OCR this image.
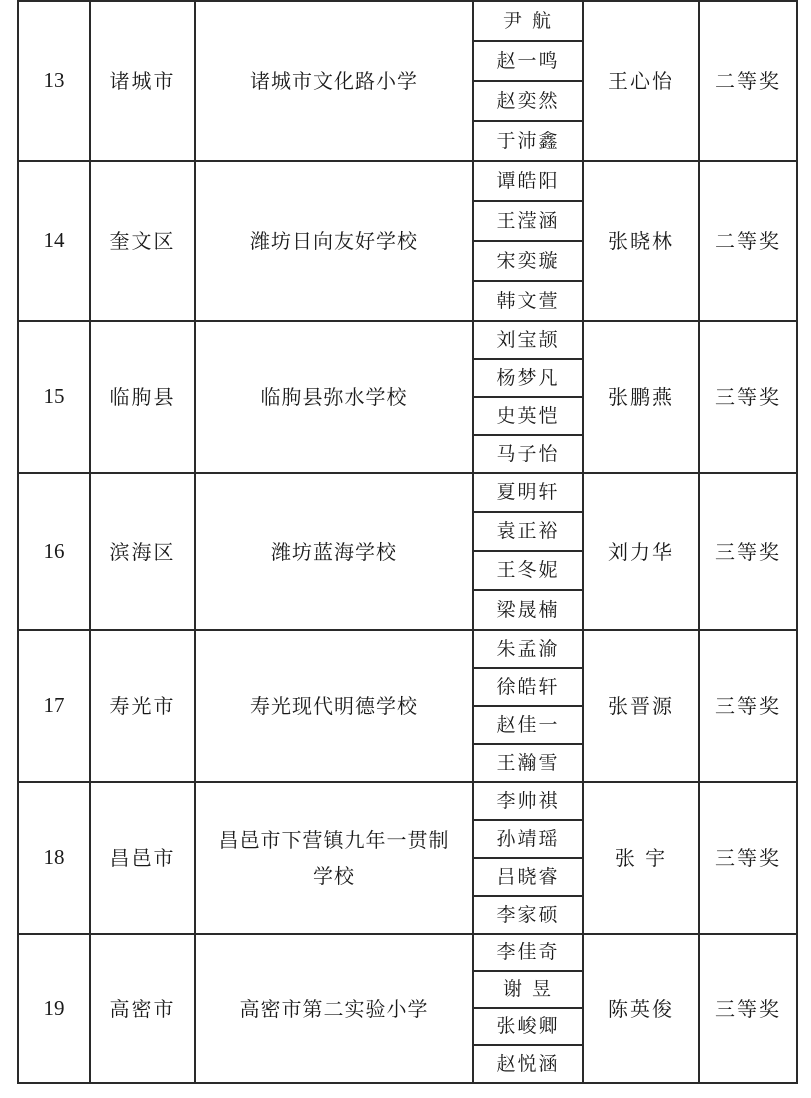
13	诸城市	诸城市文化路小学	尹 航	王心怡	二等奖
			赵一鸣		
			赵奕然		
			于沛鑫		
14	奎文区	潍坊日向友好学校	谭皓阳	张晓林	二等奖
			王滢涵		
			宋奕璇		
			韩文萱		
15	临朐县	临朐县弥水学校	刘宝颉	张鹏燕	三等奖
			杨梦凡		
			史英恺		
			马子怡		
16	滨海区	潍坊蓝海学校	夏明轩	刘力华	三等奖
			袁正裕		
			王冬妮		
			梁晟楠		
17	寿光市	寿光现代明德学校	朱孟渝	张晋源	三等奖
			徐皓轩		
			赵佳一		
			王瀚雪		
18	昌邑市	昌邑市下营镇九年一贯制学校	李帅祺	张 宇	三等奖
			孙靖瑶		
			吕晓睿		
			李家硕		
19	高密市	高密市第二实验小学	李佳奇	陈英俊	三等奖
			谢 昱		
			张峻卿		
			赵悦涵		
